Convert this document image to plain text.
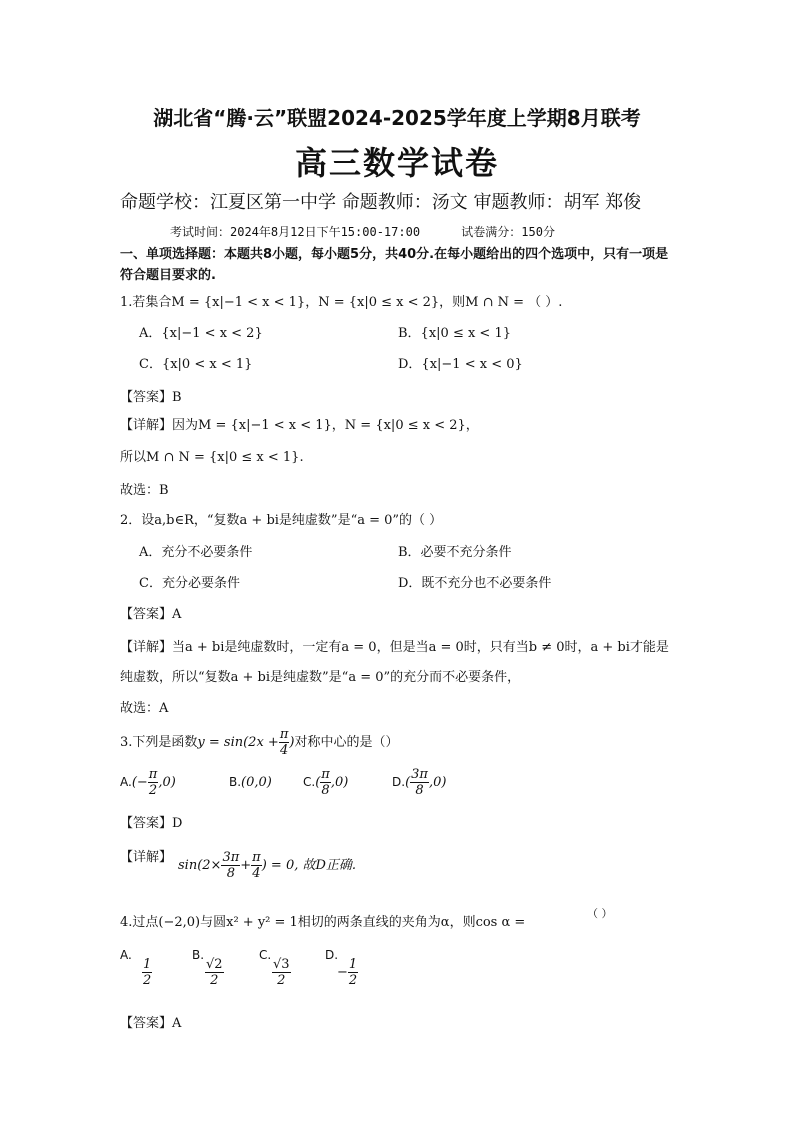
湖北省“腾·云”联盟2024-2025学年度上学期8月联考
高三数学试卷
命题学校：江夏区第一中学 命题教师：汤文 审题教师：胡军 郑俊
考试时间：2024年8月12日下午15:00-17:00	试卷满分：150分
一、单项选择题：本题共8小题，每小题5分，共40分.在每小题给出的四个选项中，只有一项是符合题目要求的.
1.若集合M = {x|−1 < x < 1}，N = {x|0 ≤ x < 2}，则M ∩ N = （ ）.
A．{x|−1 < x < 2}	B．{x|0 ≤ x < 1}
C．{x|0 < x < 1}	D．{x|−1 < x < 0}
【答案】B
【详解】因为M = {x|−1 < x < 1}，N = {x|0 ≤ x < 2}，
所以M ∩ N = {x|0 ≤ x < 1}.
故选：B
2．设a,b∈R，“复数a + bi是纯虚数”是“a = 0”的（ ）
A．充分不必要条件	B．必要不充分条件
C．充分必要条件	D．既不充分也不必要条件
【答案】A
【详解】当a + bi是纯虚数时，一定有a = 0，但是当a = 0时，只有当b ≠ 0时，a + bi才能是
纯虚数，所以“复数a + bi是纯虚数”是“a = 0”的充分而不必要条件，
故选：A
3.下列是函数$y = \sin(2x + \frac{\pi}{4}$ )对称中心的是（）
$A.(- \frac{\pi}{2} ,0)$	B.(0,0)	$C.( \frac{\pi}{8} ,0)$	$D.( \frac{3\pi}{8} ,0)$
【答案】D
【详解】
$\sin(2\times \frac{3\pi}{8} + \frac{\pi}{4}$ ) = 0, 故D正确.
4.过点(−2,0)与圆x² + y² = 1相切的两条直线的夹角为α，则cos α =
（ ）
A.
$\frac{1}{2}$
B.
$\frac{√2}{2}$
C.
$\frac{√3}{2}$
D.
− $\frac{1}{2}$
【答案】A
